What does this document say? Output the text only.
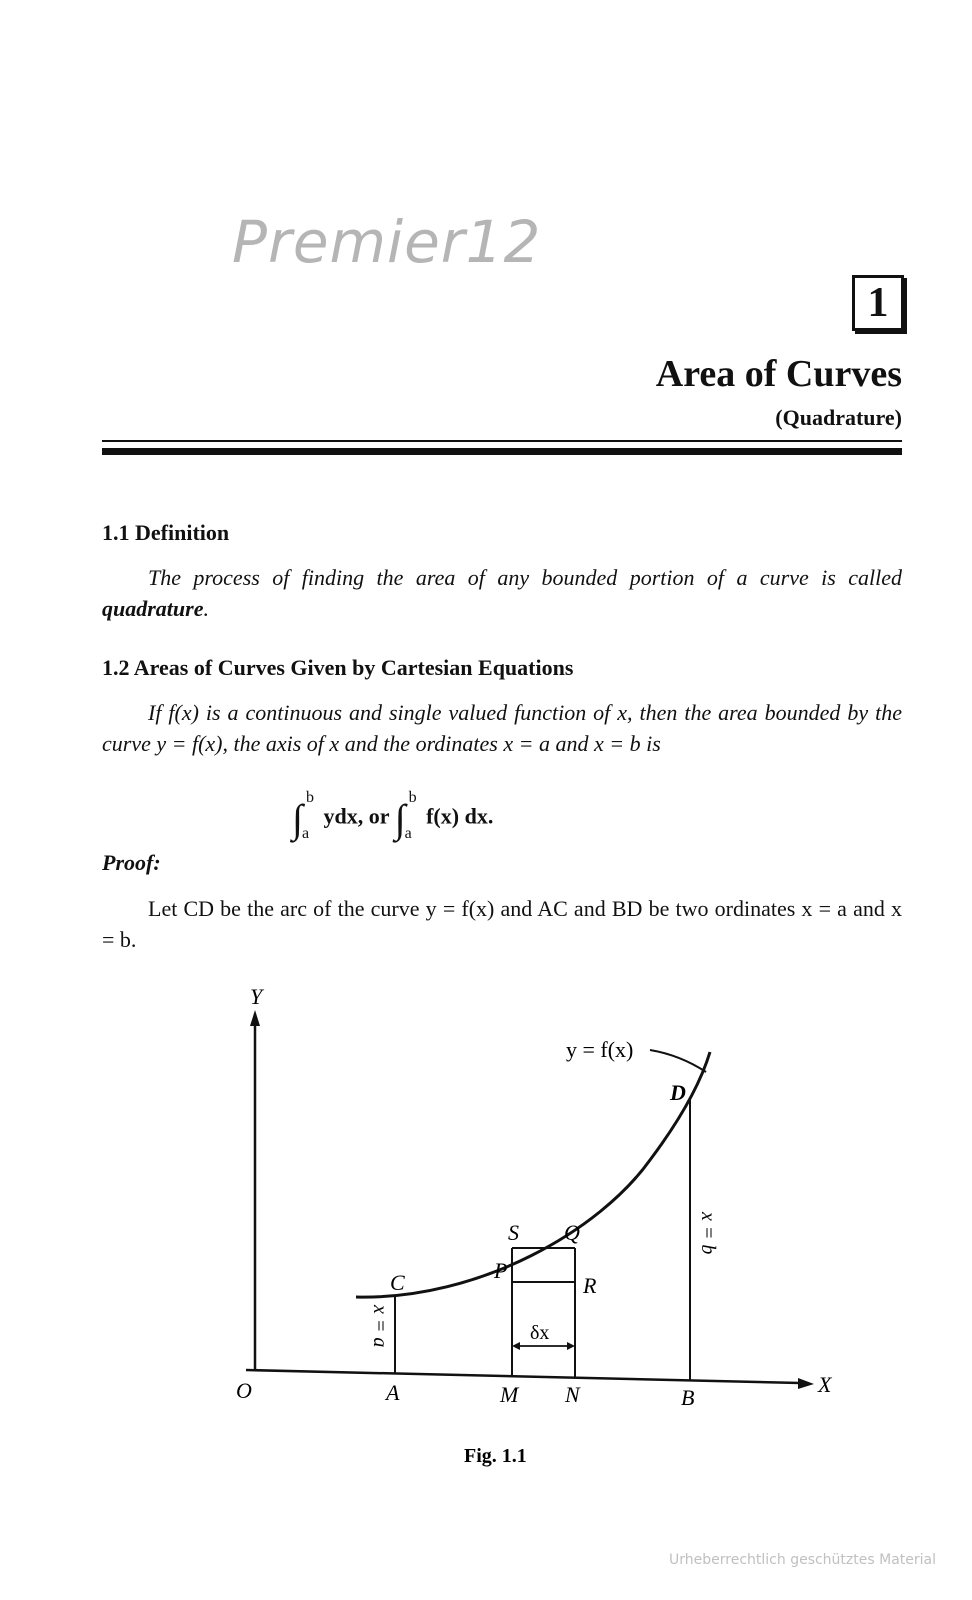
Premier12
1
Area of Curves
(Quadrature)
1.1 Definition
The process of finding the area of any bounded portion of a curve is called quadrature.
1.2 Areas of Curves Given by Cartesian Equations
If f(x) is a continuous and single valued function of x, then the area bounded by the curve y = f(x), the axis of x and the ordinates x = a and x = b is
∫ b
a
ydx, or ∫ b
a
f(x) dx.
Proof:
Let CD be the arc of the curve y = f(x) and AC and BD be two ordinates x = a and x = b.
Y
X
O	A	M N	B
C
D
P
Q
R
S
y = f(x)
δx
x = a
x = b
Fig. 1.1
Urheberrechtlich geschütztes Material
